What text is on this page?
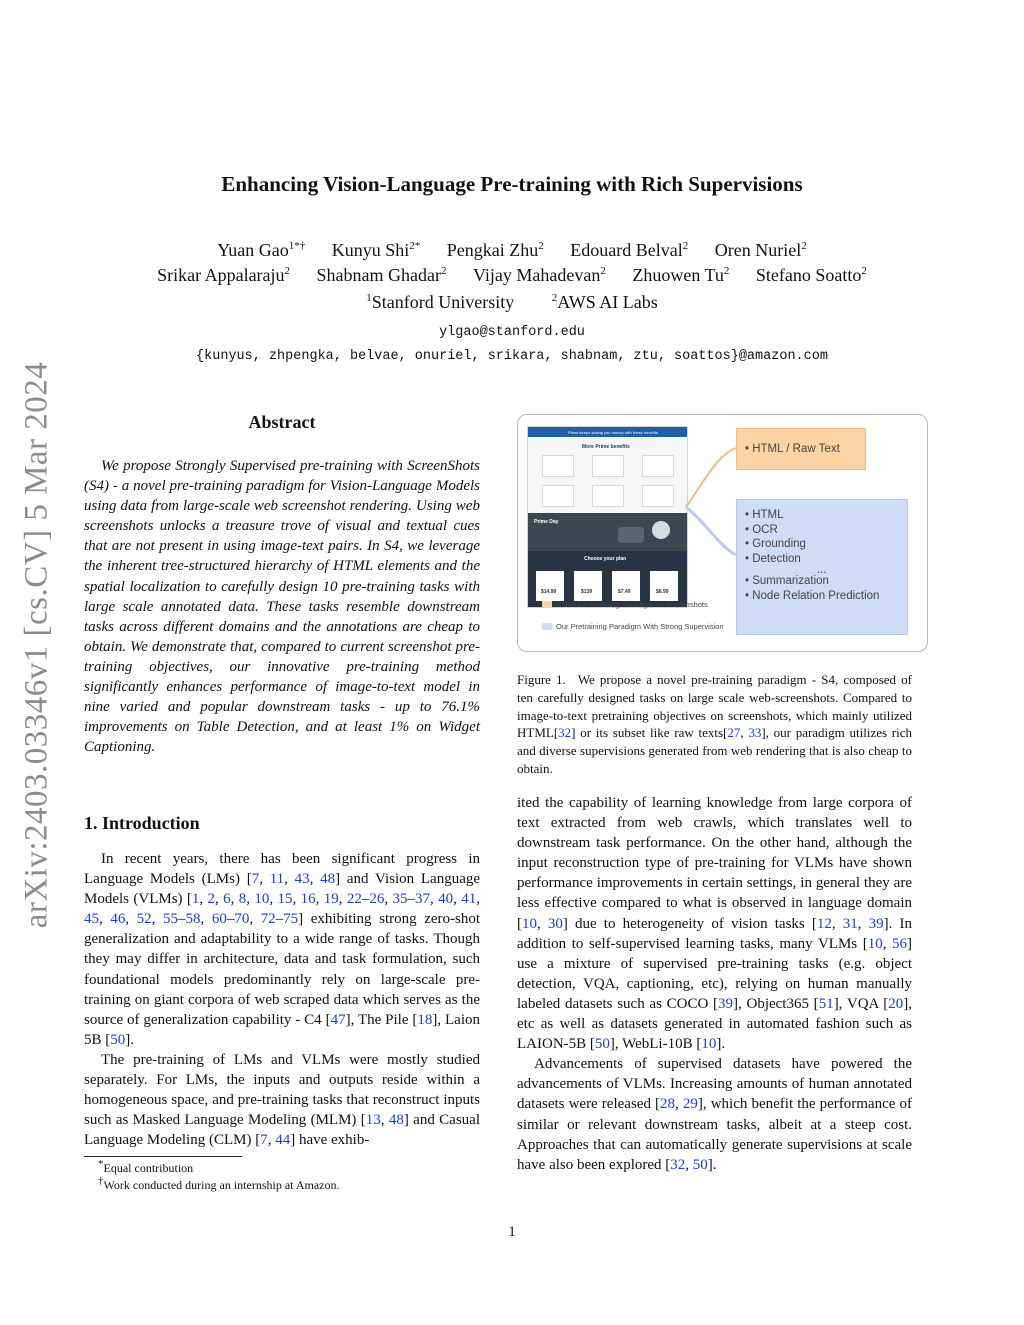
arXiv:2403.03346v1 [cs.CV] 5 Mar 2024
Enhancing Vision-Language Pre-training with Rich Supervisions
Yuan Gao$^{1*\dagger}$ Kunyu Shi$^{2*}$ Pengkai Zhu$^2$ Edouard Belval$^2$ Oren Nuriel$^2$
Srikar Appalaraju$^2$ Shabnam Ghadar$^2$ Vijay Mahadevan$^2$ Zhuowen Tu$^2$ Stefano Soatto$^2$
$^1$Stanford University	$^2$AWS AI Labs
ylgao@stanford.edu
{kunyus, zhpengka, belvae, onuriel, srikara, shabnam, ztu, soattos}@amazon.com
Abstract

We propose Strongly Supervised pre-training with ScreenShots (S4) - a novel pre-training paradigm for Vision-Language Models using data from large-scale web screenshot rendering. Using web screenshots unlocks a treasure trove of visual and textual cues that are not present in using image-text pairs. In S4, we leverage the inherent tree-structured hierarchy of HTML elements and the spatial localization to carefully design 10 pre-training tasks with large scale annotated data. These tasks resemble downstream tasks across different domains and the annotations are cheap to obtain. We demonstrate that, compared to current screenshot pre-training objectives, our innovative pre-training method significantly enhances performance of image-to-text model in nine varied and popular downstream tasks - up to 76.1% improvements on Table Detection, and at least 1% on Widget Captioning.

1. Introduction

In recent years, there has been significant progress in Language Models (LMs) [7, 11, 43, 48] and Vision Language Models (VLMs) [1, 2, 6, 8, 10, 15, 16, 19, 22–26, 35–37, 40, 41, 45, 46, 52, 55–58, 60–70, 72–75] exhibiting strong zero-shot generalization and adaptability to a wide range of tasks. Though they may differ in architecture, data and task formulation, such foundational models predominantly rely on large-scale pre-training on giant corpora of web scraped data which serves as the source of generalization capability - C4 [47], The Pile [18], Laion 5B [50].

The pre-training of LMs and VLMs were mostly studied separately. For LMs, the inputs and outputs reside within a homogeneous space, and pre-training tasks that reconstruct inputs such as Masked Language Modeling (MLM) [13, 48] and Casual Language Modeling (CLM) [7, 44] have exhib-

*Equal contribution
†Work conducted during an internship at Amazon.
Prime keeps saving you money with these benefits
More Prime benefits
Prime Day
Choose your plan
$14.99	$139	$7.49	$6.99
• HTML / Raw Text
• HTML
• OCR
• Grounding
• Detection
...
• Summarization
• Node Relation Prediction
Current Pretraining Paradigm on Screenshots
Our Pretraining Paradigm With Strong Supervision
Figure 1. We propose a novel pre-training paradigm - S4, composed of ten carefully designed tasks on large scale web-screenshots. Compared to image-to-text pretraining objectives on screenshots, which mainly utilized HTML[32] or its subset like raw texts[27, 33], our paradigm utilizes rich and diverse supervisions generated from web rendering that is also cheap to obtain.

ited the capability of learning knowledge from large corpora of text extracted from web crawls, which translates well to downstream task performance. On the other hand, although the input reconstruction type of pre-training for VLMs have shown performance improvements in certain settings, in general they are less effective compared to what is observed in language domain [10, 30] due to heterogeneity of vision tasks [12, 31, 39]. In addition to self-supervised learning tasks, many VLMs [10, 56] use a mixture of supervised pre-training tasks (e.g. object detection, VQA, captioning, etc), relying on human manually labeled datasets such as COCO [39], Object365 [51], VQA [20], etc as well as datasets generated in automated fashion such as LAION-5B [50], WebLi-10B [10].

Advancements of supervised datasets have powered the advancements of VLMs. Increasing amounts of human annotated datasets were released [28, 29], which benefit the performance of similar or relevant downstream tasks, albeit at a steep cost. Approaches that can automatically generate supervisions at scale have also been explored [32, 50].

1
